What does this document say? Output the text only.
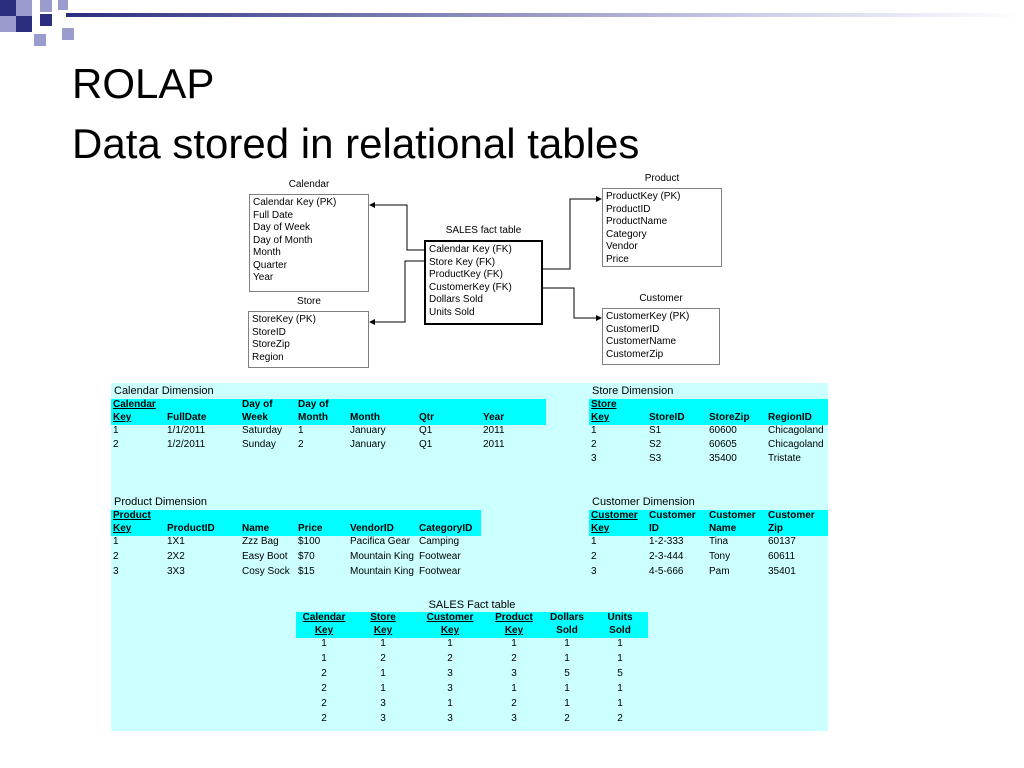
ROLAP
Data stored in relational tables
Calendar
Calendar Key (PK)
Full Date
Day of Week
Day of Month
Month
Quarter
Year
Store
StoreKey (PK)
StoreID
StoreZip
Region
SALES fact table
Calendar Key (FK)
Store Key (FK)
ProductKey (FK)
CustomerKey (FK)
Dollars Sold
Units Sold
Product
ProductKey (PK)
ProductID
ProductName
Category
Vendor
Price
Customer
CustomerKey (PK)
CustomerID
CustomerName
CustomerZip
Calendar Dimension
Calendar		Day of	Day of			
Key	FullDate	Week	Month	Month	Qtr	Year
1	1/1/2011	Saturday	1	January	Q1	2011
2	1/2/2011	Sunday	2	January	Q1	2011
Store Dimension
Store			
Key	StoreID	StoreZip	RegionID
1	S1	60600	Chicagoland
2	S2	60605	Chicagoland
3	S3	35400	Tristate
Product Dimension
Product					
Key	ProductID	Name	Price	VendorID	CategoryID
1	1X1	Zzz Bag	$100	Pacifica Gear	Camping
2	2X2	Easy Boot	$70	Mountain King	Footwear
3	3X3	Cosy Sock	$15	Mountain King	Footwear
Customer Dimension
Customer	Customer	Customer	Customer
Key	ID	Name	Zip
1	1-2-333	Tina	60137
2	2-3-444	Tony	60611
3	4-5-666	Pam	35401
SALES Fact table
Calendar	Store	Customer	Product	Dollars	Units
Key	Key	Key	Key	Sold	Sold
1	1	1	1	1	1
1	2	2	2	1	1
2	1	3	3	5	5
2	1	3	1	1	1
2	3	1	2	1	1
2	3	3	3	2	2
